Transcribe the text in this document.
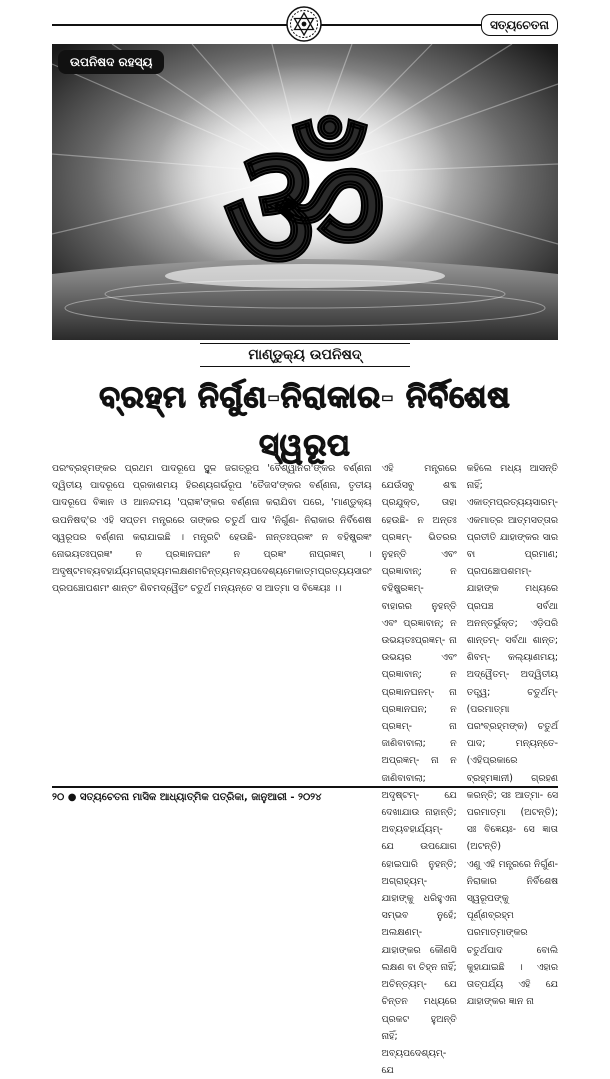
ସତ୍ୟଚେତନା
ॐ
ଉପନିଷଦ ରହସ୍ୟ
ମାଣ୍ଡୁକ୍ୟ ଉପନିଷଦ୍
ବ୍ରହ୍ମ ନିର୍ଗୁଣ-ନିରାକାର- ନିର୍ବିଶେଷ ସ୍ୱରୂପ

ପରଂବ୍ରହ୍ମଙ୍କର ପ୍ରଥମ ପାଦରୂପେ ସ୍ଥୂଳ ଜଗତ୍‌ରୂପ 'ବୈଶ୍ୱାନର'ଙ୍କର ବର୍ଣ୍ଣନା ଦ୍ୱିତୀୟ ପାଦରୂପେ ପ୍ରକାଶମୟ ହିରଣ୍ୟଗର୍ଭରୂପ 'ତୈଜସ'ଙ୍କର ବର୍ଣ୍ଣନା, ତୃତୀୟ ପାଦରୂପେ ବିଜ୍ଞାନ ଓ ଆନନ୍ଦମୟ 'ପ୍ରାଜ୍ଞ'ଙ୍କର ବର୍ଣ୍ଣନା କରାଯିବା ପରେ, 'ମାଣ୍ଡୁକ୍ୟ ଉପନିଷଦ୍'ର ଏହି ସପ୍ତମ ମନ୍ତ୍ରରେ ତାଙ୍କର ଚତୁର୍ଥ ପାଦ 'ନିର୍ଗୁଣ- ନିରାକାର ନିର୍ବିଶେଷ ସ୍ୱରୂପର ବର୍ଣ୍ଣନା କରାଯାଇଛି । ମନ୍ତ୍ରଟି ହେଉଛି- ନାନ୍ତଃପ୍ରଜ୍ଞଂ ନ ବହିଷ୍ପ୍ରଜ୍ଞଂ ନୋଭୟତଃପ୍ରଜ୍ଞଂ ନ ପ୍ରଜ୍ଞାନଘନଂ ନ ପ୍ରଜ୍ଞଂ ନାପ୍ରଜ୍ଞମ୍ । ଅଦୃଷ୍ଟମବ୍ୟବହାର୍ଯ୍ୟମଗ୍ରାହ୍ୟମଲକ୍ଷଣମଚିନ୍ତ୍ୟମବ୍ୟପଦେଶ୍ୟମେକାତ୍ମପ୍ରତ୍ୟୟସାରଂ ପ୍ରପଞ୍ଚୋପଶମଂ ଶାନ୍ତଂ ଶିବମଦ୍ୱୈତଂ ଚତୁର୍ଥ ମନ୍ୟନ୍ତେ ସ ଆତ୍ମା ସ ବିଜ୍ଞେୟଃ ।।

ଏହି ମନ୍ତ୍ରରେ ଯେଉଁସବୁ ଶବ୍ଦ ପ୍ରଯୁକ୍ତ, ତାହା ହେଉଛି- ନ ଅନ୍ତଃ ପ୍ରଜ୍ଞମ୍- ଭିତରର ନୁହନ୍ତି ଏବଂ ପ୍ରଜ୍ଞାବାନ୍; ନ ବହିଷ୍ପ୍ରଜ୍ଞମ୍- ବାହାରର ନୁହନ୍ତି ଏବଂ ପ୍ରଜ୍ଞାବାନ୍; ନ ଉଭୟତଃପ୍ରଜ୍ଞମ୍- ନା ଉଭୟର ଏବଂ ପ୍ରଜ୍ଞାବାନ୍; ନ ପ୍ରଜ୍ଞାନଘନମ୍- ନା ପ୍ରଜ୍ଞାନଘନ; ନ ପ୍ରଜ୍ଞମ୍- ନା ଜାଣିବାବାଲା; ନ ଅପ୍ରଜ୍ଞମ୍- ନା ନ ଜାଣିବାବାଲା; ଅଦୃଷ୍ଟମ୍- ଯେ ଦେଖାଯାଉ ନାହାନ୍ତି; ଅବ୍ୟବହାର୍ଯ୍ୟମ୍- ଯେ ଉପଯୋଗ ହୋଇପାରି ନୁହନ୍ତି; ଅଗ୍ରାହ୍ୟମ୍- ଯାହାଙ୍କୁ ଧରିହୁଏନା ସମ୍ଭବ ନୁହେଁ; ଅଲକ୍ଷଣମ୍- ଯାହାଙ୍କର କୌଣସି ଲକ୍ଷଣ ବା ଚିହ୍ନ ନାହିଁ; ଅଚିନ୍ତ୍ୟମ୍- ଯେ ଚିନ୍ତନ ମଧ୍ୟରେ ପ୍ରକଟ ହୁଅନ୍ତି ନାହିଁ; ଅବ୍ୟପଦେଶ୍ୟମ୍- ଯେ

କହିଲେ ମଧ୍ୟ ଆସନ୍ତି ନାହିଁ; ଏକାତ୍ମପ୍ରତ୍ୟୟସାରମ୍- ଏକମାତ୍ର ଆତ୍ମସତ୍ତାର ପ୍ରତୀତି ଯାହାଙ୍କର ସାର ବା ପ୍ରମାଣ; ପ୍ରପଞ୍ଚୋପଶମମ୍- ଯାହାଙ୍କ ମଧ୍ୟରେ ପ୍ରପଞ୍ଚ ସର୍ବଥା ଅନନ୍ତର୍ଭୁକ୍ତ; ଏଡ଼ିପରି ଶାନ୍ତମ୍- ସର୍ବଥା ଶାନ୍ତ; ଶିବମ୍- କଲ୍ୟାଣମୟ; ଅଦ୍ୱୈତମ୍- ଅଦ୍ୱିତୀୟ ତତ୍ତ୍ୱ; ଚତୁର୍ଥମ୍- (ପରମାତ୍ମା ପରଂବ୍ରହ୍ମଙ୍କ) ଚତୁର୍ଥ ପାଦ; ମନ୍ୟନ୍ତେ- (ଏହିପ୍ରକାରେ ବ୍ରହ୍ମଜ୍ଞାନୀ) ଗ୍ରହଣ କରନ୍ତି; ସଃ ଆତ୍ମା- ସେ ପରମାତ୍ମା (ଅଟନ୍ତି); ସଃ ବିଜ୍ଞେୟଃ- ସେ ଜ୍ଞାତା (ଅଟନ୍ତି)
ଏଣୁ ଏହି ମନ୍ତ୍ରରେ ନିର୍ଗୁଣ-ନିରାକାର ନିର୍ବିଶେଷ ସ୍ୱରୂପଙ୍କୁ ପୂର୍ଣ୍ଣବ୍ରହ୍ମ ପରମାତ୍ମାଙ୍କର ଚତୁର୍ଥପାଦ ବୋଲି କୁହାଯାଇଛି । ଏହାର ତାତ୍ପର୍ଯ୍ୟ ଏହି ଯେ ଯାହାଙ୍କର ଜ୍ଞାନ ନା

୨୦ ● ସତ୍ୟଚେତନା ମାସିକ ଆଧ୍ୟାତ୍ମିକ ପତ୍ରିକା, ଜାନୁଆରୀ - ୨୦୨୪
